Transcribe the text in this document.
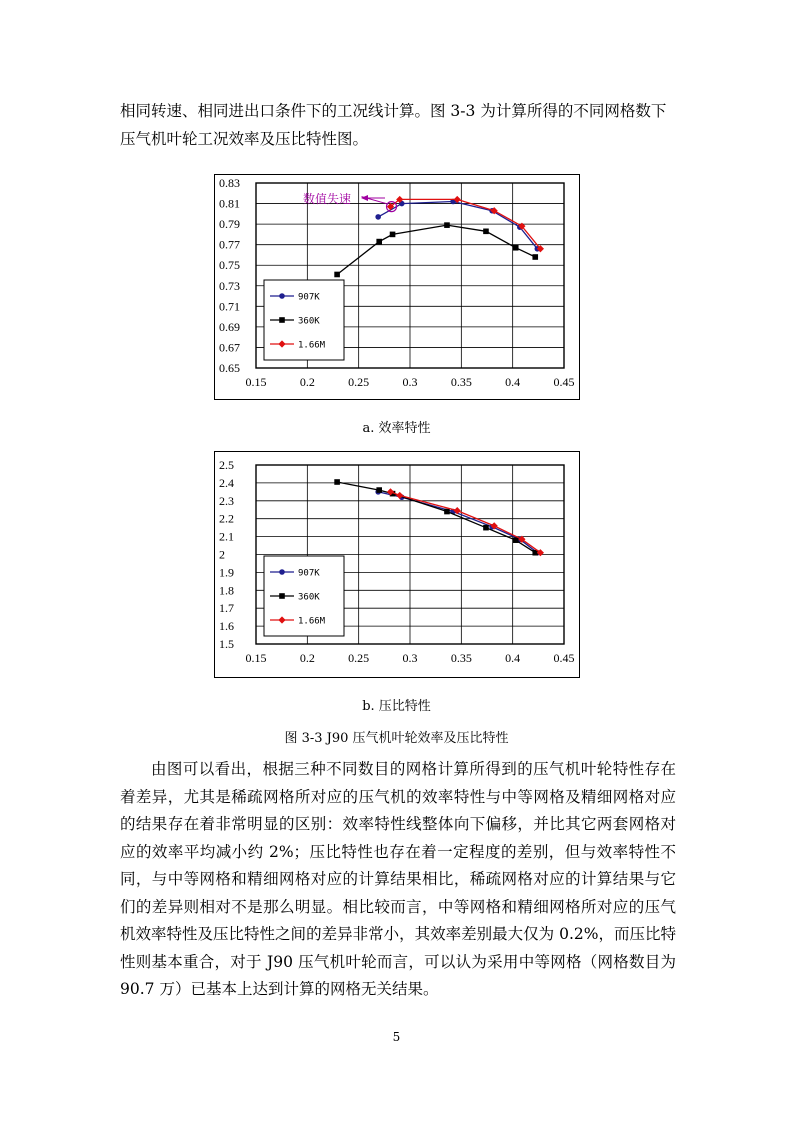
相同转速、相同进出口条件下的工况线计算。图 3-3 为计算所得的不同网格数下压气机叶轮工况效率及压比特性图。

0.15	0.2	0.25	0.3	0.35	0.4	0.45
0.65
0.67
0.69
0.71
0.73
0.75
0.77
0.79
0.81
0.83
907K
360K
1.66M
数值失速

a. 效率特性

0.15	0.2	0.25	0.3	0.35	0.4	0.45
1.5
1.6
1.7
1.8
1.9
2
2.1
2.2
2.3
2.4
2.5
907K
360K
1.66M

b. 压比特性

图 3-3 J90 压气机叶轮效率及压比特性

由图可以看出，根据三种不同数目的网格计算所得到的压气机叶轮特性存在着差异，尤其是稀疏网格所对应的压气机的效率特性与中等网格及精细网格对应的结果存在着非常明显的区别：效率特性线整体向下偏移，并比其它两套网格对应的效率平均减小约 2%；压比特性也存在着一定程度的差别，但与效率特性不同，与中等网格和精细网格对应的计算结果相比，稀疏网格对应的计算结果与它们的差异则相对不是那么明显。相比较而言，中等网格和精细网格所对应的压气机效率特性及压比特性之间的差异非常小，其效率差别最大仅为 0.2%，而压比特性则基本重合，对于 J90 压气机叶轮而言，可以认为采用中等网格（网格数目为 90.7 万）已基本上达到计算的网格无关结果。

5
